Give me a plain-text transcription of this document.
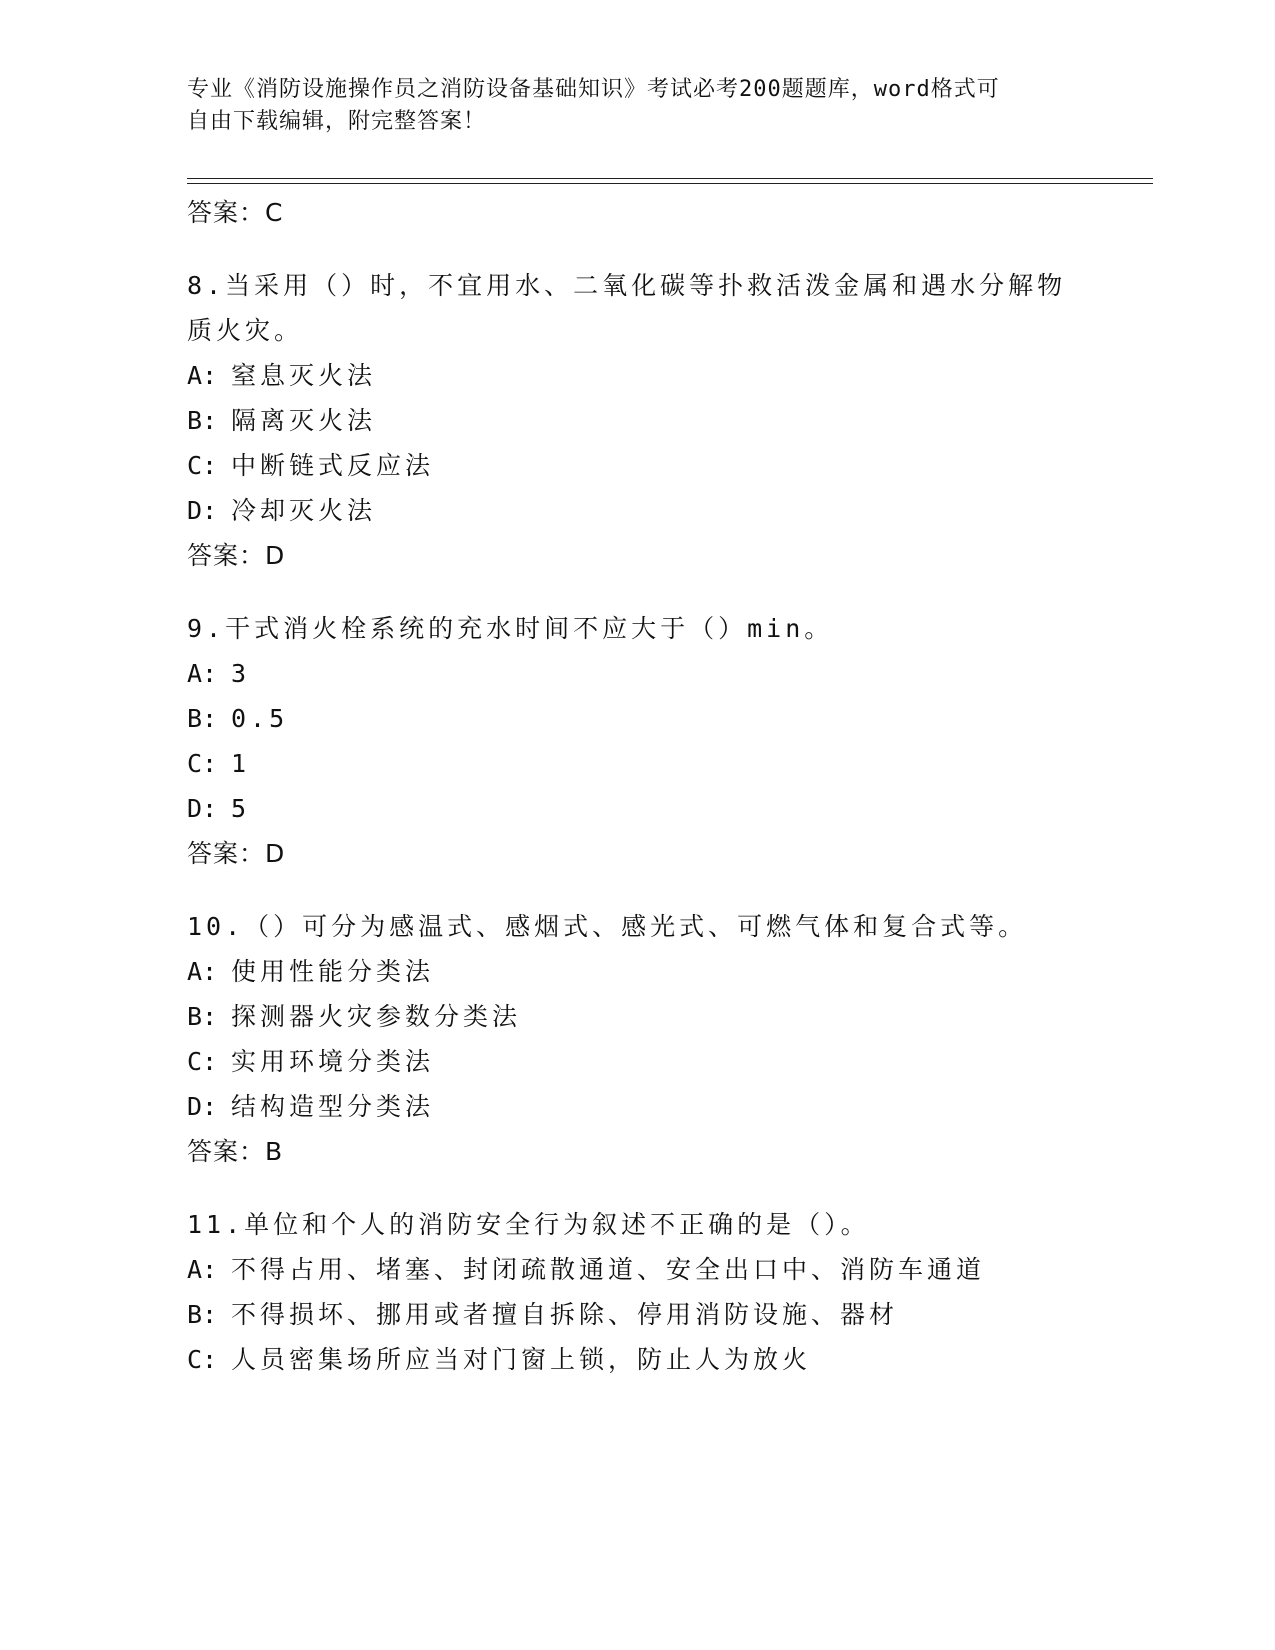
专业《消防设施操作员之消防设备基础知识》考试必考200题题库，word格式可
自由下载编辑，附完整答案！
答案：C
8.当采用（）时，不宜用水、二氧化碳等扑救活泼金属和遇水分解物
质火灾。
A: 窒息灭火法
B: 隔离灭火法
C: 中断链式反应法
D: 冷却灭火法
答案：D
9.干式消火栓系统的充水时间不应大于（）min。
A: 3
B: 0.5
C: 1
D: 5
答案：D
10.（）可分为感温式、感烟式、感光式、可燃气体和复合式等。
A: 使用性能分类法
B: 探测器火灾参数分类法
C: 实用环境分类法
D: 结构造型分类法
答案：B
11.单位和个人的消防安全行为叙述不正确的是（）。
A: 不得占用、堵塞、封闭疏散通道、安全出口中、消防车通道
B: 不得损坏、挪用或者擅自拆除、停用消防设施、器材
C: 人员密集场所应当对门窗上锁，防止人为放火
